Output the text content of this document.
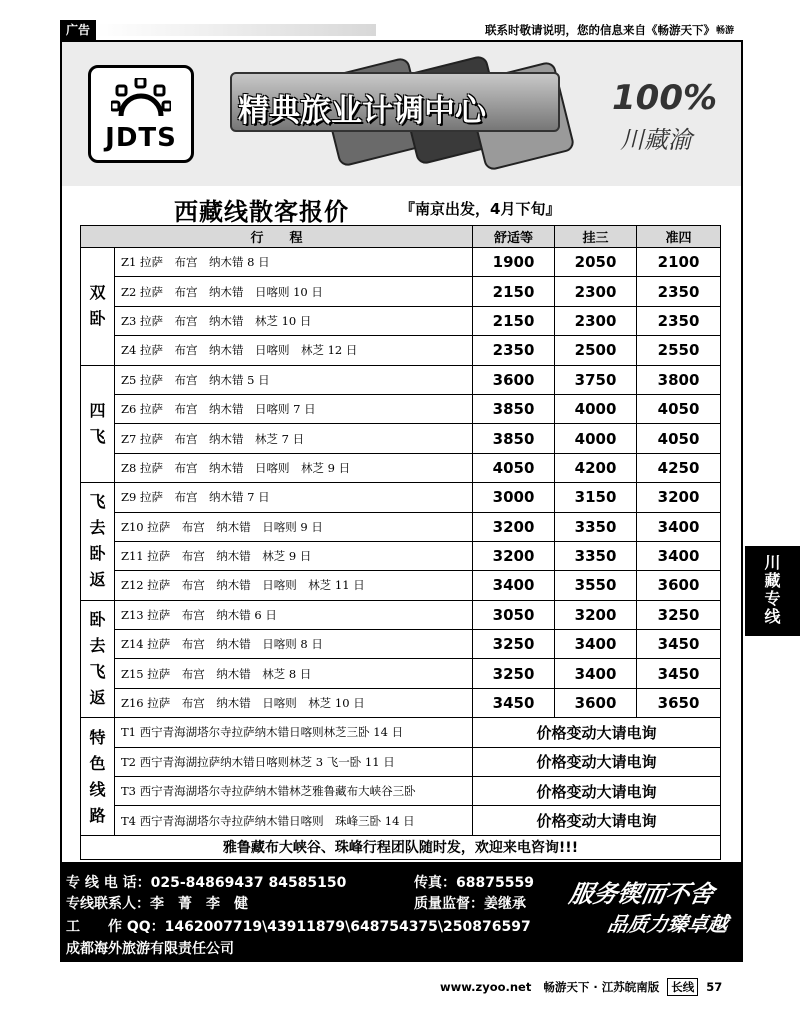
广告	联系时敬请说明，您的信息来自《畅游天下》 畅游
JDTS
精典旅业计调中心	100%
川藏渝
西藏线散客报价	『南京出发，4月下旬』
行　　程		舒适等	挂三	准四
双卧	Z1 拉萨　布宫　纳木错 8 日	1900	2050	2100
	Z2 拉萨　布宫　纳木错　日喀则 10 日	2150	2300	2350
	Z3 拉萨　布宫　纳木错　林芝 10 日	2150	2300	2350
	Z4 拉萨　布宫　纳木错　日喀则　林芝 12 日	2350	2500	2550
四飞	Z5 拉萨　布宫　纳木错 5 日	3600	3750	3800
	Z6 拉萨　布宫　纳木错　日喀则 7 日	3850	4000	4050
	Z7 拉萨　布宫　纳木错　林芝 7 日	3850	4000	4050
	Z8 拉萨　布宫　纳木错　日喀则　林芝 9 日	4050	4200	4250
飞去卧返	Z9 拉萨　布宫　纳木错 7 日	3000	3150	3200
	Z10 拉萨　布宫　纳木错　日喀则 9 日	3200	3350	3400
	Z11 拉萨　布宫　纳木错　林芝 9 日	3200	3350	3400
	Z12 拉萨　布宫　纳木错　日喀则　林芝 11 日	3400	3550	3600
卧去飞返	Z13 拉萨　布宫　纳木错 6 日	3050	3200	3250
	Z14 拉萨　布宫　纳木错　日喀则 8 日	3250	3400	3450
	Z15 拉萨　布宫　纳木错　林芝 8 日	3250	3400	3450
	Z16 拉萨　布宫　纳木错　日喀则　林芝 10 日	3450	3600	3650
特色线路	T1 西宁青海湖塔尔寺拉萨纳木错日喀则林芝三卧 14 日	价格变动大请电询		
	T2 西宁青海湖拉萨纳木错日喀则林芝 3 飞一卧 11 日	价格变动大请电询		
	T3 西宁青海湖塔尔寺拉萨纳木错林芝雅鲁藏布大峡谷三卧	价格变动大请电询		
	T4 西宁青海湖塔尔寺拉萨纳木错日喀则　珠峰三卧 14 日	价格变动大请电询		
雅鲁藏布大峡谷、珠峰行程团队随时发，欢迎来电咨询!!!				
专 线 电 话：025-84869437 84585150	传真：68875559
专线联系人：李　菁　李　健	质量监督：姜继承
工　　作 QQ：1462007719\43911879\648754375\250876597
成都海外旅游有限责任公司
服务锲而不舍
品质力臻卓越
www.zyoo.net 畅游天下 · 江苏皖南版 长线 57
川
藏
专
线
